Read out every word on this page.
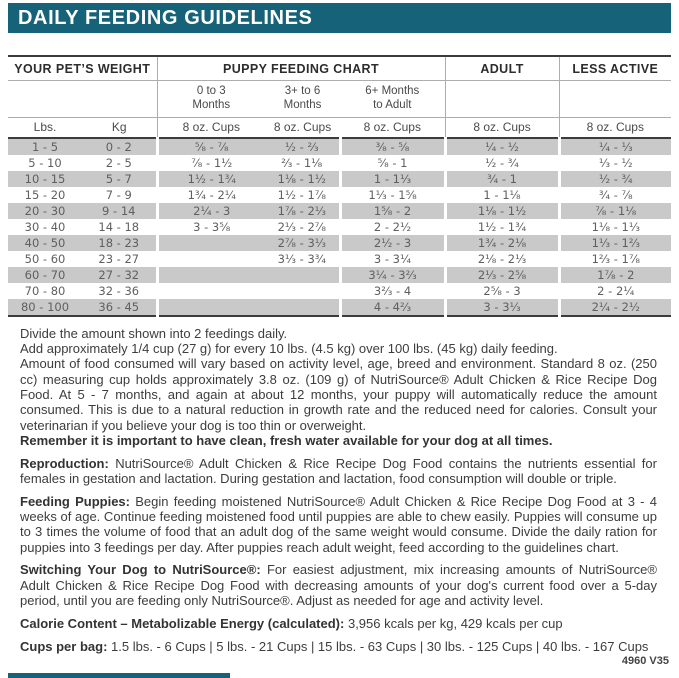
DAILY FEEDING GUIDELINES
YOUR PET’S WEIGHT		PUPPY FEEDING CHART			ADULT	LESS ACTIVE

0 to 3
Months

3+ to 6
Months

6+ Months
to Adult

Lbs.	Kg	8 oz. Cups	8 oz. Cups	8 oz. Cups	8 oz. Cups	8 oz. Cups
1 - 5	0 - 2	⁵⁄₈ - ⁷⁄₈	¹⁄₂ - ²⁄₃	³⁄₈ - ⁵⁄₈	¹⁄₄ - ¹⁄₂	¹⁄₄ - ¹⁄₃
5 - 10	2 - 5	⁷⁄₈ - 1¹⁄₂	²⁄₃ - 1¹⁄₈	⁵⁄₈ - 1	¹⁄₂ - ³⁄₄	¹⁄₃ - ¹⁄₂
10 - 15	5 - 7	1¹⁄₂ - 1³⁄₄	1¹⁄₈ - 1¹⁄₂	1 - 1¹⁄₃	³⁄₄ - 1	¹⁄₂ - ³⁄₄
15 - 20	7 - 9	1³⁄₄ - 2¹⁄₄	1¹⁄₂ - 1⁷⁄₈	1¹⁄₃ - 1⁵⁄₈	1 - 1¹⁄₈	³⁄₄ - ⁷⁄₈
20 - 30	9 - 14	2¹⁄₄ - 3	1⁷⁄₈ - 2¹⁄₃	1⁵⁄₈ - 2	1¹⁄₈ - 1¹⁄₂	⁷⁄₈ - 1¹⁄₈
30 - 40	14 - 18	3 - 3⁵⁄₈	2¹⁄₃ - 2⁷⁄₈	2 - 2¹⁄₂	1¹⁄₂ - 1³⁄₄	1¹⁄₈ - 1¹⁄₃
40 - 50	18 - 23		2⁷⁄₈ - 3¹⁄₃	2¹⁄₂ - 3	1³⁄₄ - 2¹⁄₈	1¹⁄₃ - 1²⁄₃
50 - 60	23 - 27		3¹⁄₃ - 3³⁄₄	3 - 3¹⁄₄	2¹⁄₈ - 2¹⁄₃	1²⁄₃ - 1⁷⁄₈
60 - 70	27 - 32			3¹⁄₄ - 3²⁄₃	2¹⁄₃ - 2⁵⁄₈	1⁷⁄₈ - 2
70 - 80	32 - 36			3²⁄₃ - 4	2⁵⁄₈ - 3	2 - 2¹⁄₄
80 - 100	36 - 45			4 - 4²⁄₃	3 - 3¹⁄₃	2¹⁄₄ - 2¹⁄₂
Divide the amount shown into 2 feedings daily.
Add approximately 1/4 cup (27 g) for every 10 lbs. (4.5 kg) over 100 lbs. (45 kg) daily feeding.
Amount of food consumed will vary based on activity level, age, breed and environment. Standard 8 oz. (250 cc) measuring cup holds approximately 3.8 oz. (109 g) of NutriSource® Adult Chicken & Rice Recipe Dog Food. At 5 - 7 months, and again at about 12 months, your puppy will automatically reduce the amount consumed. This is due to a natural reduction in growth rate and the reduced need for calories. Consult your veterinarian if you believe your dog is too thin or overweight.
Remember it is important to have clean, fresh water available for your dog at all times.
Reproduction: NutriSource® Adult Chicken & Rice Recipe Dog Food contains the nutrients essential for females in gestation and lactation. During gestation and lactation, food consumption will double or triple.
Feeding Puppies: Begin feeding moistened NutriSource® Adult Chicken & Rice Recipe Dog Food at 3 - 4 weeks of age. Continue feeding moistened food until puppies are able to chew easily. Puppies will consume up to 3 times the volume of food that an adult dog of the same weight would consume. Divide the daily ration for puppies into 3 feedings per day. After puppies reach adult weight, feed according to the guidelines chart.
Switching Your Dog to NutriSource®: For easiest adjustment, mix increasing amounts of NutriSource® Adult Chicken & Rice Recipe Dog Food with decreasing amounts of your dog's current food over a 5-day period, until you are feeding only NutriSource®. Adjust as needed for age and activity level.
Calorie Content – Metabolizable Energy (calculated): 3,956 kcals per kg, 429 kcals per cup
Cups per bag: 1.5 lbs. - 6 Cups | 5 lbs. - 21 Cups | 15 lbs. - 63 Cups | 30 lbs. - 125 Cups | 40 lbs. - 167 Cups
4960 V35
